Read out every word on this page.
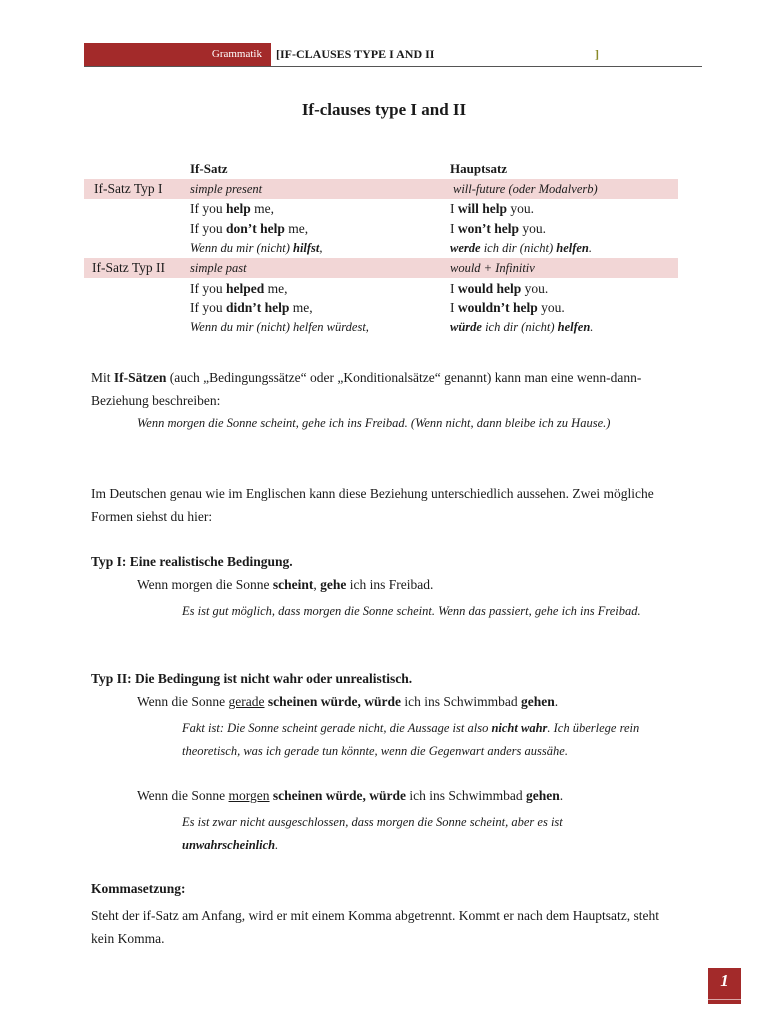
Grammatik [IF-CLAUSES TYPE I AND II	]
If-clauses type I and II
If-Satz	Hauptsatz
If-Satz Typ I simple present	will-future (oder Modalverb)
If you help me,	I will help you.
If you don’t help me,	I won’t help you.
Wenn du mir (nicht) hilfst,	werde ich dir (nicht) helfen.
If-Satz Typ II simple past	would + Infinitiv
If you helped me,	I would help you.
If you didn’t help me,	I wouldn’t help you.
Wenn du mir (nicht) helfen würdest,	würde ich dir (nicht) helfen.
Mit If-Sätzen (auch „Bedingungssätze“ oder „Konditionalsätze“ genannt) kann man eine wenn-dann-Beziehung beschreiben:
Wenn morgen die Sonne scheint, gehe ich ins Freibad. (Wenn nicht, dann bleibe ich zu Hause.)
Im Deutschen genau wie im Englischen kann diese Beziehung unterschiedlich aussehen. Zwei mögliche Formen siehst du hier:
Typ I: Eine realistische Bedingung.
Wenn morgen die Sonne scheint, gehe ich ins Freibad.
Es ist gut möglich, dass morgen die Sonne scheint. Wenn das passiert, gehe ich ins Freibad.
Typ II: Die Bedingung ist nicht wahr oder unrealistisch.
Wenn die Sonne gerade scheinen würde, würde ich ins Schwimmbad gehen.
Fakt ist: Die Sonne scheint gerade nicht, die Aussage ist also nicht wahr. Ich überlege rein theoretisch, was ich gerade tun könnte, wenn die Gegenwart anders aussähe.
Wenn die Sonne morgen scheinen würde, würde ich ins Schwimmbad gehen.
Es ist zwar nicht ausgeschlossen, dass morgen die Sonne scheint, aber es ist unwahrscheinlich.
Kommasetzung:
Steht der if-Satz am Anfang, wird er mit einem Komma abgetrennt. Kommt er nach dem Hauptsatz, steht kein Komma.
1
